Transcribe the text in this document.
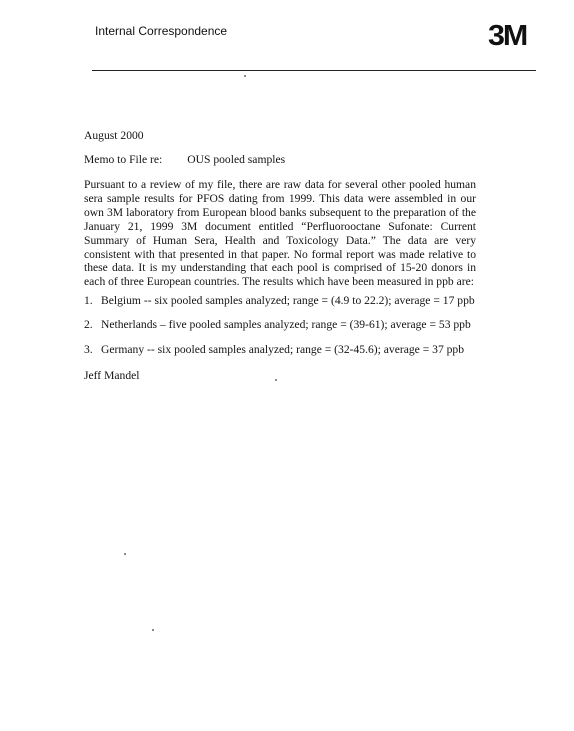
Internal Correspondence	3M
August 2000
Memo to File re: OUS pooled samples
Pursuant to a review of my file, there are raw data for several other pooled human sera sample results for PFOS dating from 1999. This data were assembled in our own 3M laboratory from European blood banks subsequent to the preparation of the January 21, 1999 3M document entitled “Perfluorooctane Sufonate: Current Summary of Human Sera, Health and Toxicology Data.” The data are very consistent with that presented in that paper. No formal report was made relative to these data. It is my understanding that each pool is comprised of 15-20 donors in each of three European countries. The results which have been measured in ppb are:
1. Belgium -- six pooled samples analyzed; range = (4.9 to 22.2); average = 17 ppb
2. Netherlands – five pooled samples analyzed; range = (39-61); average = 53 ppb
3. Germany -- six pooled samples analyzed; range = (32-45.6); average = 37 ppb
Jeff Mandel
